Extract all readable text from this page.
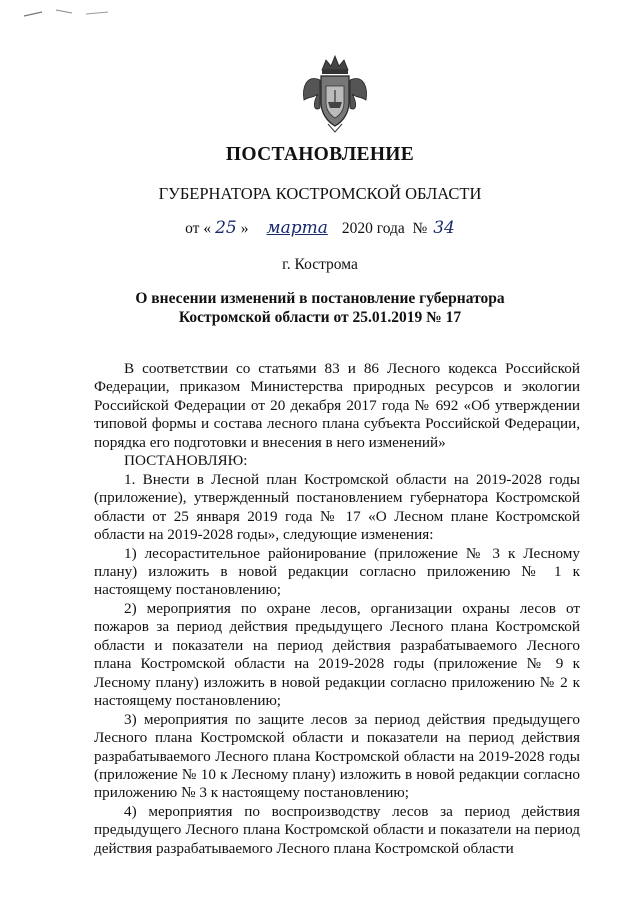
ПОСТАНОВЛЕНИЕ
ГУБЕРНАТОРА КОСТРОМСКОЙ ОБЛАСТИ
от « 25 » марта 2020 года № 34
г. Кострома
О внесении изменений в постановление губернатора
Костромской области от 25.01.2019 № 17

В соответствии со статьями 83 и 86 Лесного кодекса Российской Федерации, приказом Министерства природных ресурсов и экологии Российской Федерации от 20 декабря 2017 года № 692 «Об утверждении типовой формы и состава лесного плана субъекта Российской Федерации, порядка его подготовки и внесения в него изменений»

ПОСТАНОВЛЯЮ:

1. Внести в Лесной план Костромской области на 2019-2028 годы (приложение), утвержденный постановлением губернатора Костромской области от 25 января 2019 года № 17 «О Лесном плане Костромской области на 2019-2028 годы», следующие изменения:

1) лесорастительное районирование (приложение № 3 к Лесному плану) изложить в новой редакции согласно приложению № 1 к настоящему постановлению;

2) мероприятия по охране лесов, организации охраны лесов от пожаров за период действия предыдущего Лесного плана Костромской области и показатели на период действия разрабатываемого Лесного плана Костромской области на 2019-2028 годы (приложение № 9 к Лесному плану) изложить в новой редакции согласно приложению № 2 к настоящему постановлению;

3) мероприятия по защите лесов за период действия предыдущего Лесного плана Костромской области и показатели на период действия разрабатываемого Лесного плана Костромской области на 2019-2028 годы (приложение № 10 к Лесному плану) изложить в новой редакции согласно приложению № 3 к настоящему постановлению;

4) мероприятия по воспроизводству лесов за период действия предыдущего Лесного плана Костромской области и показатели на период действия разрабатываемого Лесного плана Костромской области
